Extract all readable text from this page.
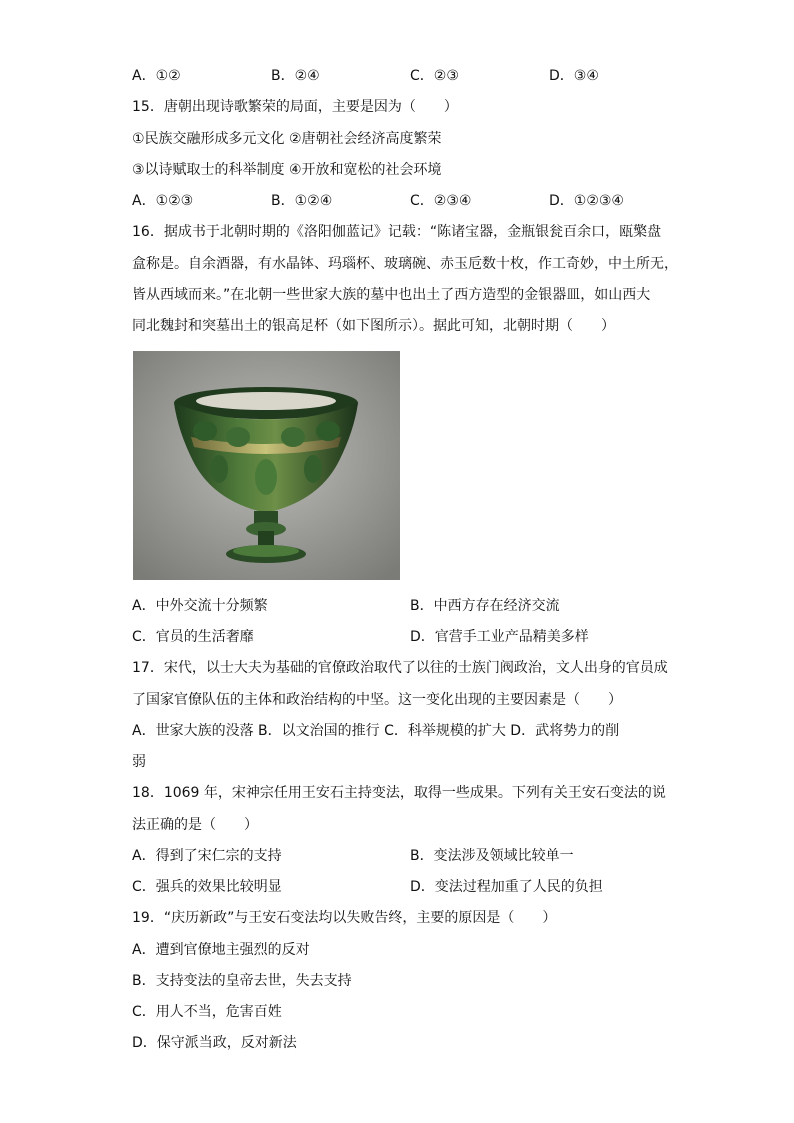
A．①②	B．②④	C．②③	D．③④
15．唐朝出现诗歌繁荣的局面，主要是因为（　　）
①民族交融形成多元文化 ②唐朝社会经济高度繁荣
③以诗赋取士的科举制度 ④开放和宽松的社会环境
A．①②③	B．①②④	C．②③④	D．①②③④
16．据成书于北朝时期的《洛阳伽蓝记》记载：“陈诸宝器，金瓶银瓮百余口，瓯檠盘
盒称是。自余酒器，有水晶钵、玛瑙杯、玻璃碗、赤玉卮数十枚，作工奇妙，中土所无，
皆从西域而来。”在北朝一些世家大族的墓中也出土了西方造型的金银器皿，如山西大
同北魏封和突墓出土的银高足杯（如下图所示）。据此可知，北朝时期（　　）
A．中外交流十分频繁	B．中西方存在经济交流
C．官员的生活奢靡	D．官营手工业产品精美多样
17．宋代，以士大夫为基础的官僚政治取代了以往的士族门阀政治，文人出身的官员成
了国家官僚队伍的主体和政治结构的中坚。这一变化出现的主要因素是（　　）
A．世家大族的没落 B．以文治国的推行 C．科举规模的扩大 D．武将势力的削
弱
18．1069 年，宋神宗任用王安石主持变法，取得一些成果。下列有关王安石变法的说
法正确的是（　　）
A．得到了宋仁宗的支持	B．变法涉及领域比较单一
C．强兵的效果比较明显	D．变法过程加重了人民的负担
19．“庆历新政”与王安石变法均以失败告终，主要的原因是（　　）
A．遭到官僚地主强烈的反对
B．支持变法的皇帝去世，失去支持
C．用人不当，危害百姓
D．保守派当政，反对新法
